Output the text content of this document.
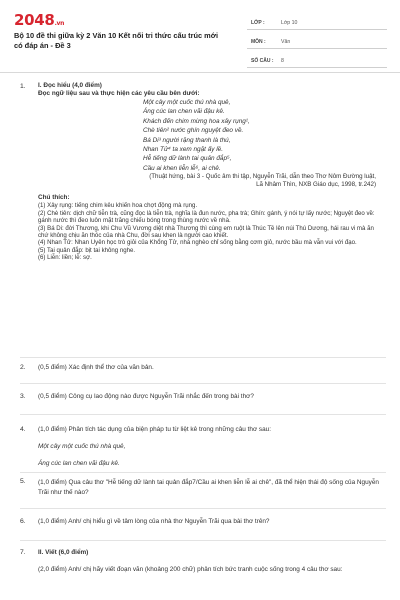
2048.vn
Bộ 10 đề thi giữa kỳ 2 Văn 10 Kết nối tri thức cấu trúc mới có đáp án - Đề 3
LỚP :	Lớp 10
MÔN :	Văn
SỐ CÂU : 8
1. I. Đọc hiểu (4,0 điểm)
Đọc ngữ liệu sau và thực hiện các yêu cầu bên dưới:
Một cây một cuốc thú nhà quê,
Áng cúc lan chen vãi đậu kê.
Khách đến chim mừng hoa xảy rụng¹,
Chè tiên² nước ghín nguyệt đeo về.
Bá Di³ người rặng thanh là thú,
Nhan Tử⁴ ta xem ngặt ấy lề.
Hễ tiếng dữ lành tai quản đắp⁵,
Cầu ai khen liễn lễ⁶, ai chê.
(Thuật hứng, bài 3 - Quốc âm thi tập, Nguyễn Trãi, dẫn theo Thơ Nôm Đường luật,
Lã Nhâm Thìn, NXB Giáo dục, 1998, tr.242)
Chú thích:
(1) Xảy rụng: tiếng chim kêu khiến hoa chợt động mà rụng.
(2) Chè tiên: dịch chữ tiễn trà, cũng đọc là tiễn trà, nghĩa là đun nước, pha trà; Ghín: gánh, ý nói tự lấy nước; Nguyệt đeo về: gánh nước thì đeo luôn mặt trăng chiếu bóng trong thùng nước về nhà.
(3) Bá Di: đời Thương, khi Chu Vũ Vương diệt nhà Thương thì cùng em ruột là Thúc Tề lên núi Thú Dương, hái rau vi mà ăn chứ không chịu ăn thóc của nhà Chu, đời sau khen là người cao khiết.
(4) Nhan Tử: Nhan Uyên học trò giỏi của Khổng Tử, nhà nghèo chỉ sống bằng cơm giỏ, nước bầu mà vẫn vui với đạo.
(5) Tai quản đắp: bịt tai không nghe.
(6) Liễn: liền; lễ: sợ.
2. (0,5 điểm) Xác định thể thơ của văn bản.
3. (0,5 điểm) Công cụ lao động nào được Nguyễn Trãi nhắc đến trong bài thơ?
4. (1,0 điểm) Phân tích tác dụng của biện pháp tu từ liệt kê trong những câu thơ sau:
Một cây một cuốc thú nhà quê,
Áng cúc lan chen vãi đậu kê.
5. (1,0 điểm) Qua câu thơ "Hễ tiếng dữ lành tai quản đắp7/Cầu ai khen liễn lễ ai chê", đã thể hiện thái độ sống của Nguyễn Trãi như thế nào?
6. (1,0 điểm) Anh/ chị hiểu gì về tâm lòng của nhà thơ Nguyễn Trãi qua bài thơ trên?
7. II. Viết (6,0 điểm)
(2,0 điểm) Anh/ chị hãy viết đoạn văn (khoảng 200 chữ) phân tích bức tranh cuộc sống trong 4 câu thơ sau:
